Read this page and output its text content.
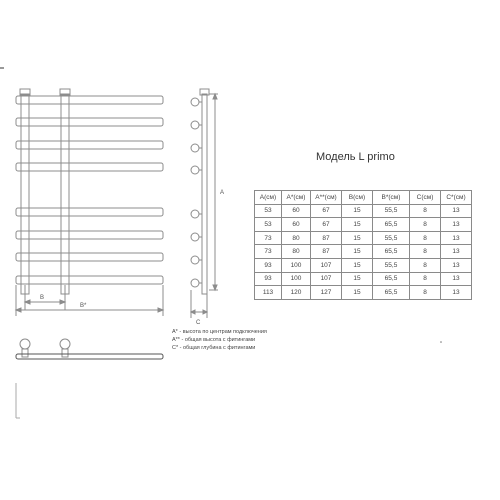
B
B*
A
C
Модель L primo
A(см)	A*(см)	A**(см)	B(см)	B*(см)	C(см)	C*(см)
53	60	67	15	55,5	8	13
53	60	67	15	65,5	8	13
73	80	87	15	55,5	8	13
73	80	87	15	65,5	8	13
93	100	107	15	55,5	8	13
93	100	107	15	65,5	8	13
113	120	127	15	65,5	8	13

A* - высота по центрам подключения

A** - общая высота с фитингами

C* - общая глубина с фитингами
